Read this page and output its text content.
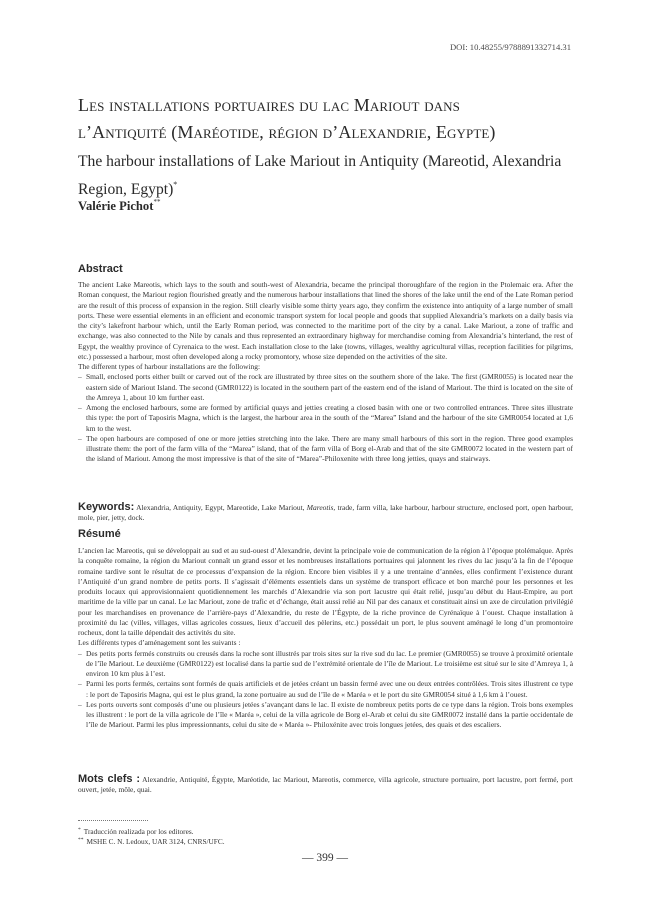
DOI: 10.48255/9788891332714.31
Les installations portuaires du lac Mariout dans
l’Antiquité (Maréotide, région d’Alexandrie, Egypte)
The harbour installations of Lake Mariout in Antiquity (Mareotid, Alexandria Region, Egypt)*
Valérie Pichot**
Abstract

The ancient Lake Mareotis, which lays to the south and south-west of Alexandria, became the principal thoroughfare of the region in the Ptolemaic era. After the Roman conquest, the Mariout region flourished greatly and the numerous harbour installations that lined the shores of the lake until the end of the Late Roman period are the result of this process of expansion in the region. Still clearly visible some thirty years ago, they confirm the existence into antiquity of a large number of small ports. These were essential elements in an efficient and economic transport system for local people and goods that supplied Alexandria’s markets on a daily basis via the city’s lakefront harbour which, until the Early Roman period, was connected to the maritime port of the city by a canal. Lake Mariout, a zone of traffic and exchange, was also connected to the Nile by canals and thus represented an extraordinary highway for merchandise coming from Alexandria’s hinterland, the rest of Egypt, the wealthy province of Cyrenaica to the west. Each installation close to the lake (towns, villages, wealthy agricultural villas, reception facilities for pilgrims, etc.) possessed a harbour, most often developed along a rocky promontory, whose size depended on the activities of the site.

The different types of harbour installations are the following:

– Small, enclosed ports either built or carved out of the rock are illustrated by three sites on the southern shore of the lake. The first (GMR0055) is located near the eastern side of Mariout Island. The second (GMR0122) is located in the southern part of the eastern end of the island of Mariout. The third is located on the site of the Amreya 1, about 10 km further east.
– Among the enclosed harbours, some are formed by artificial quays and jetties creating a closed basin with one or two controlled entrances. Three sites illustrate this type: the port of Taposiris Magna, which is the largest, the harbour area in the south of the “Marea” Island and the harbour of the site GMR0054 located at 1,6 km to the west.
– The open harbours are composed of one or more jetties stretching into the lake. There are many small harbours of this sort in the region. Three good examples illustrate them: the port of the farm villa of the “Marea” island, that of the farm villa of Borg el-Arab and that of the site GMR0072 located in the western part of the island of Mariout. Among the most impressive is that of the site of “Marea”-Philoxenite with three long jetties, quays and stairways.
Keywords: Alexandria, Antiquity, Egypt, Mareotide, Lake Mariout, Mareotis, trade, farm villa, lake harbour, harbour structure, enclosed port, open harbour, mole, pier, jetty, dock.
Résumé

L’ancien lac Mareotis, qui se développait au sud et au sud-ouest d’Alexandrie, devint la principale voie de communication de la région à l’époque ptolémaïque. Après la conquête romaine, la région du Mariout connaît un grand essor et les nombreuses installations portuaires qui jalonnent les rives du lac jusqu’à la fin de l’époque romaine tardive sont le résultat de ce processus d’expansion de la région. Encore bien visibles il y a une trentaine d’années, elles confirment l’existence durant l’Antiquité d’un grand nombre de petits ports. Il s’agissait d’éléments essentiels dans un système de transport efficace et bon marché pour les personnes et les produits locaux qui approvisionnaient quotidiennement les marchés d’Alexandrie via son port lacustre qui était relié, jusqu’au début du Haut-Empire, au port maritime de la ville par un canal. Le lac Mariout, zone de trafic et d’échange, était aussi relié au Nil par des canaux et constituait ainsi un axe de circulation privilégié pour les marchandises en provenance de l’arrière-pays d’Alexandrie, du reste de l’Égypte, de la riche province de Cyrénaïque à l’ouest. Chaque installation à proximité du lac (villes, villages, villas agricoles cossues, lieux d’accueil des pèlerins, etc.) possédait un port, le plus souvent aménagé le long d’un promontoire rocheux, dont la taille dépendait des activités du site.

Les différents types d’aménagement sont les suivants :

– Des petits ports fermés construits ou creusés dans la roche sont illustrés par trois sites sur la rive sud du lac. Le premier (GMR0055) se trouve à proximité orientale de l’île Mariout. Le deuxième (GMR0122) est localisé dans la partie sud de l’extrémité orientale de l’île de Mariout. Le troisième est situé sur le site d’Amreya 1, à environ 10 km plus à l’est.
– Parmi les ports fermés, certains sont formés de quais artificiels et de jetées créant un bassin fermé avec une ou deux entrées contrôlées. Trois sites illustrent ce type : le port de Taposiris Magna, qui est le plus grand, la zone portuaire au sud de l’île de « Maréa » et le port du site GMR0054 situé à 1,6 km à l’ouest.
– Les ports ouverts sont composés d’une ou plusieurs jetées s’avançant dans le lac. Il existe de nombreux petits ports de ce type dans la région. Trois bons exemples les illustrent : le port de la villa agricole de l’île « Maréa », celui de la villa agricole de Borg el-Arab et celui du site GMR0072 installé dans la partie occidentale de l’île de Mariout. Parmi les plus impressionnants, celui du site de « Maréa »- Philoxénite avec trois longues jetées, des quais et des escaliers.
Mots clefs : Alexandrie, Antiquité, Égypte, Maréotide, lac Mariout, Mareotis, commerce, villa agricole, structure portuaire, port lacustre, port fermé, port ouvert, jetée, môle, quai.
* Traducción realizada por los editores.
** MSHE C. N. Ledoux, UAR 3124, CNRS/UFC.
— 399 —
